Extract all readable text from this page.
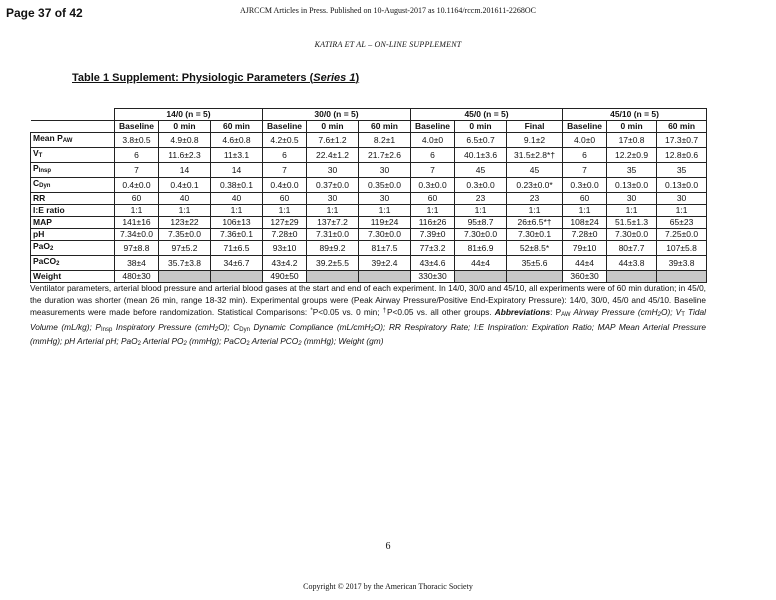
Page 37 of 42	AJRCCM Articles in Press. Published on 10-August-2017 as 10.1164/rccm.201611-2268OC
KATIRA ET AL – ON-LINE SUPPLEMENT
Table 1 Supplement: Physiologic Parameters (Series 1)
	14/0 (n = 5)			30/0 (n = 5)			45/0 (n = 5)			45/10 (n = 5)		
	Baseline	0 min	60 min	Baseline	0 min	60 min	Baseline	0 min	Final	Baseline	0 min	60 min
Mean PAW	3.8±0.5	4.9±0.8	4.6±0.8	4.2±0.5	7.6±1.2	8.2±1	4.0±0	6.5±0.7	9.1±2	4.0±0	17±0.8	17.3±0.7
VT	6	11.6±2.3	11±3.1	6	22.4±1.2	21.7±2.6	6	40.1±3.6	31.5±2.8*†	6	12.2±0.9	12.8±0.6
PInsp	7	14	14	7	30	30	7	45	45	7	35	35
CDyn	0.4±0.0	0.4±0.1	0.38±0.1	0.4±0.0	0.37±0.0	0.35±0.0	0.3±0.0	0.3±0.0	0.23±0.0*	0.3±0.0	0.13±0.0	0.13±0.0
RR	60	40	40	60	30	30	60	23	23	60	30	30
I:E ratio	1:1	1:1	1:1	1:1	1:1	1:1	1:1	1:1	1:1	1:1	1:1	1:1
MAP	141±16	123±22	106±13	127±29	137±7.2	119±24	116±26	95±8.7	26±6.5*†	108±24	51.5±1.3	65±23
pH	7.34±0.0	7.35±0.0	7.36±0.1	7.28±0	7.31±0.0	7.30±0.0	7.39±0	7.30±0.0	7.30±0.1	7.28±0	7.30±0.0	7.25±0.0
PaO2	97±8.8	97±5.2	71±6.5	93±10	89±9.2	81±7.5	77±3.2	81±6.9	52±8.5*	79±10	80±7.7	107±5.8
PaCO2	38±4	35.7±3.8	34±6.7	43±4.2	39.2±5.5	39±2.4	43±4.6	44±4	35±5.6	44±4	44±3.8	39±3.8
Weight	480±30			490±50			330±30			360±30		
Ventilator parameters, arterial blood pressure and arterial blood gases at the start and end of each experiment. In 14/0, 30/0 and 45/10, all experiments were of 60 min duration; in 45/0, the duration was shorter (mean 26 min, range 18-32 min). Experimental groups were (Peak Airway Pressure/Positive End-Expiratory Pressure): 14/0, 30/0, 45/0 and 45/10. Baseline measurements were made before randomization. Statistical Comparisons: *P<0.05 vs. 0 min; †P<0.05 vs. all other groups. Abbreviations: PAW Airway Pressure (cmH2O); VT Tidal Volume (mL/kg); PInsp Inspiratory Pressure (cmH2O); CDyn Dynamic Compliance (mL/cmH2O); RR Respiratory Rate; I:E Inspiration: Expiration Ratio; MAP Mean Arterial Pressure (mmHg); pH Arterial pH; PaO2 Arterial PO2 (mmHg); PaCO2 Arterial PCO2 (mmHg); Weight (gm)
6
Copyright © 2017 by the American Thoracic Society
